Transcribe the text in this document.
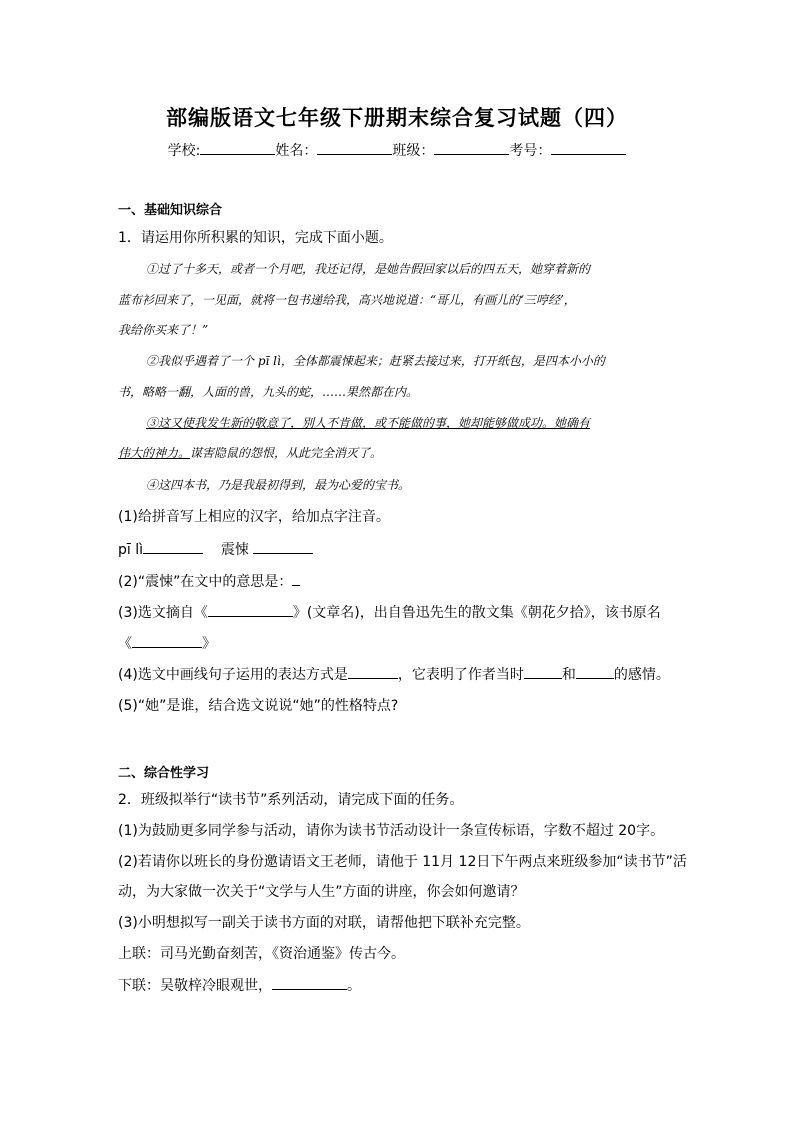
部编版语文七年级下册期末综合复习试题（四）
学校:	姓名：	班级：	考号：
一、基础知识综合
1．请运用你所积累的知识，完成下面小题。
①过了十多天，或者一个月吧，我还记得，是她告假回家以后的四五天，她穿着新的
蓝布衫回来了，一见面，就将一包书递给我，高兴地说道：“哥儿，有画儿的‘三哼经’，
我给你买来了！”
②我似乎遇着了一个 pī lì，全体都震悚起来；赶紧去接过来，打开纸包，是四本小小的
书，略略一翻，人面的兽，九头的蛇，……果然都在内。
③这又使我发生新的敬意了，别人不肯做，或不能做的事，她却能够做成功。她确有
伟大的神力。谋害隐鼠的怨恨，从此完全消灭了。
④这四本书，乃是我最初得到，最为心爱的宝书。
(1)给拼音写上相应的汉字，给加点字注音。
pī lì	震悚
(2)“震悚”在文中的意思是：
(3)选文摘自《	》(文章名)，出自鲁迅先生的散文集《朝花夕拾》，该书原名
《	》
(4)选文中画线句子运用的表达方式是	，它表明了作者当时	和	的感情。
(5)“她”是谁，结合选文说说“她”的性格特点?
二、综合性学习
2．班级拟举行“读书节”系列活动，请完成下面的任务。
(1)为鼓励更多同学参与活动，请你为读书节活动设计一条宣传标语，字数不超过 20字。
(2)若请你以班长的身份邀请语文王老师，请他于 11月 12日下午两点来班级参加“读书节”活
动，为大家做一次关于“文学与人生”方面的讲座，你会如何邀请？
(3)小明想拟写一副关于读书方面的对联，请帮他把下联补充完整。
上联：司马光勤奋刻苦，《资治通鉴》传古今。
下联：吴敬梓冷眼观世，	。
